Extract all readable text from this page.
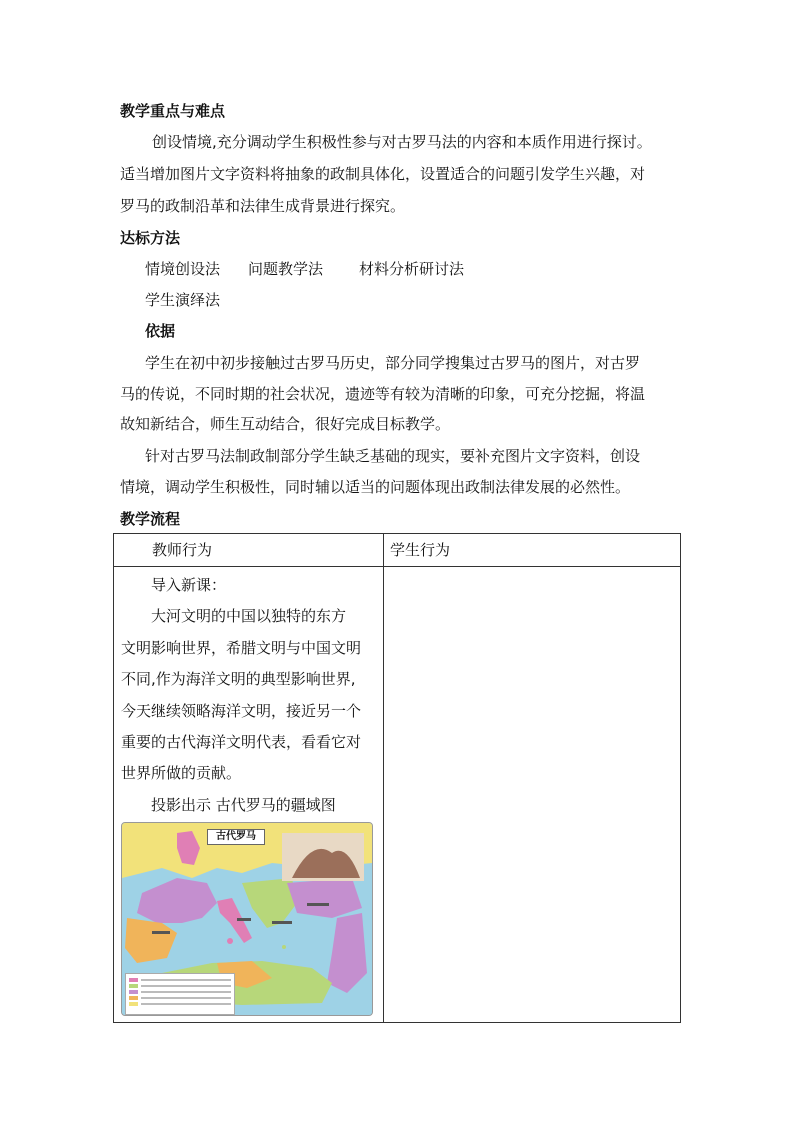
教学重点与难点
创设情境,充分调动学生积极性参与对古罗马法的内容和本质作用进行探讨。
适当增加图片文字资料将抽象的政制具体化，设置适合的问题引发学生兴趣，对
罗马的政制沿革和法律生成背景进行探究。
达标方法
情境创设法 问题教学法 材料分析研讨法
学生演绎法
依据
学生在初中初步接触过古罗马历史，部分同学搜集过古罗马的图片，对古罗
马的传说，不同时期的社会状况，遗迹等有较为清晰的印象，可充分挖掘，将温
故知新结合，师生互动结合，很好完成目标教学。
针对古罗马法制政制部分学生缺乏基础的现实，要补充图片文字资料，创设
情境，调动学生积极性，同时辅以适当的问题体现出政制法律发展的必然性。
教学流程
教师行为	学生行为

导入新课：

大河文明的中国以独特的东方

文明影响世界，希腊文明与中国文明

不同,作为海洋文明的典型影响世界,

今天继续领略海洋文明，接近另一个

重要的古代海洋文明代表，看看它对

世界所做的贡献。

投影出示 古代罗马的疆域图

古代罗马
